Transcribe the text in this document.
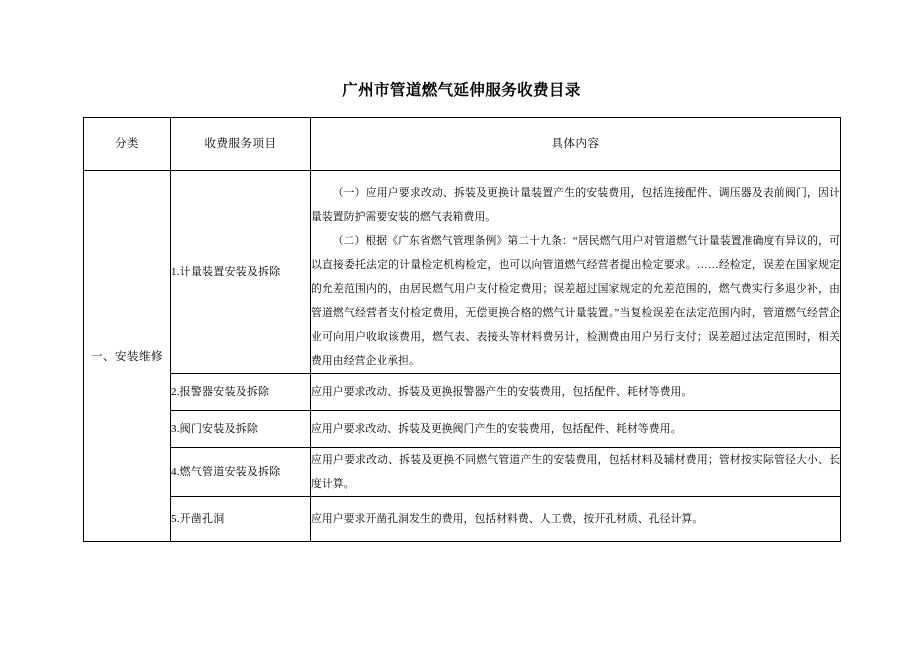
广州市管道燃气延伸服务收费目录
分类	收费服务项目	具体内容
一、安装维修	1.计量装置安装及拆除	（一）应用户要求改动、拆装及更换计量装置产生的安装费用，包括连接配件、调压器及表前阀门，因计量装置防护需要安装的燃气表箱费用。

（二）根据《广东省燃气管理条例》第二十九条：“居民燃气用户对管道燃气计量装置准确度有异议的，可以直接委托法定的计量检定机构检定，也可以向管道燃气经营者提出检定要求。……经检定，误差在国家规定的允差范围内的，由居民燃气用户支付检定费用；误差超过国家规定的允差范围的，燃气费实行多退少补，由管道燃气经营者支付检定费用，无偿更换合格的燃气计量装置。”当复检误差在法定范围内时，管道燃气经营企业可向用户收取该费用，燃气表、表接头等材料费另计，检测费由用户另行支付；误差超过法定范围时，相关费用由经营企业承担。

	2.报警器安装及拆除	应用户要求改动、拆装及更换报警器产生的安装费用，包括配件、耗材等费用。
	3.阀门安装及拆除	应用户要求改动、拆装及更换阀门产生的安装费用，包括配件、耗材等费用。
	4.燃气管道安装及拆除	应用户要求改动、拆装及更换不同燃气管道产生的安装费用，包括材料及辅材费用；管材按实际管径大小、长度计算。
	5.开凿孔洞	应用户要求开凿孔洞发生的费用，包括材料费、人工费，按开孔材质、孔径计算。
